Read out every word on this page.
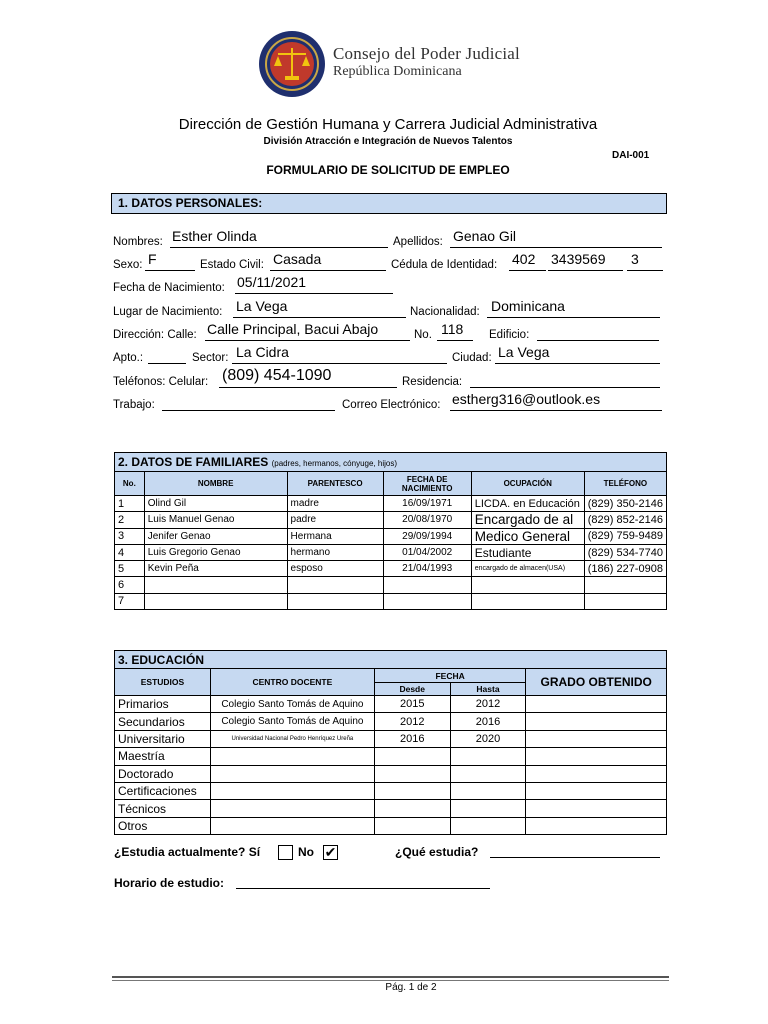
Consejo del Poder Judicial
República Dominicana
Dirección de Gestión Humana y Carrera Judicial Administrativa
División Atracción e Integración de Nuevos Talentos
DAI-001
FORMULARIO DE SOLICITUD DE EMPLEO
1. DATOS PERSONALES:
Nombres: Esther Olinda	Apellidos: Genao Gil
Sexo: F	Estado Civil: Casada	Cédula de Identidad: 402 3439569 3
Fecha de Nacimiento: 05/11/2021
Lugar de Nacimiento: La Vega	Nacionalidad: Dominicana
Dirección: Calle: Calle Principal, Bacui Abajo	No. 118 Edificio:
Apto.:	Sector: La Cidra	Ciudad: La Vega
Teléfonos: Celular: (809) 454-1090	Residencia:
Trabajo:	Correo Electrónico: estherg316@outlook.es
2. DATOS DE FAMILIARES (padres, hermanos, cónyuge, hijos)					
No.	NOMBRE	PARENTESCO	FECHA DE NACIMIENTO	OCUPACIÓN	TELÉFONO
1	Olind Gil	madre	16/09/1971	LICDA. en Educación	(829) 350-2146
2	Luis Manuel Genao	padre	20/08/1970	Encargado de al	(829) 852-2146
3	Jenifer Genao	Hermana	29/09/1994	Medico General	(829) 759-9489
4	Luis Gregorio Genao	hermano	01/04/2002	Estudiante	(829) 534-7740
5	Kevin Peña	esposo	21/04/1993	encargado de almacen(USA)	(186) 227-0908
6					
7					
3. EDUCACIÓN				
ESTUDIOS	CENTRO DOCENTE	FECHA		GRADO OBTENIDO
		Desde	Hasta	
Primarios	Colegio Santo Tomás de Aquino	2015	2012	
Secundarios	Colegio Santo Tomás de Aquino	2012	2016	
Universitario	Universidad Nacional Pedro Henríquez Ureña	2016	2020	
Maestría				
Doctorado				
Certificaciones				
Técnicos				
Otros				
¿Estudia actualmente? Sí	No ✔	¿Qué estudia?
Horario de estudio:
Pág. 1 de 2
